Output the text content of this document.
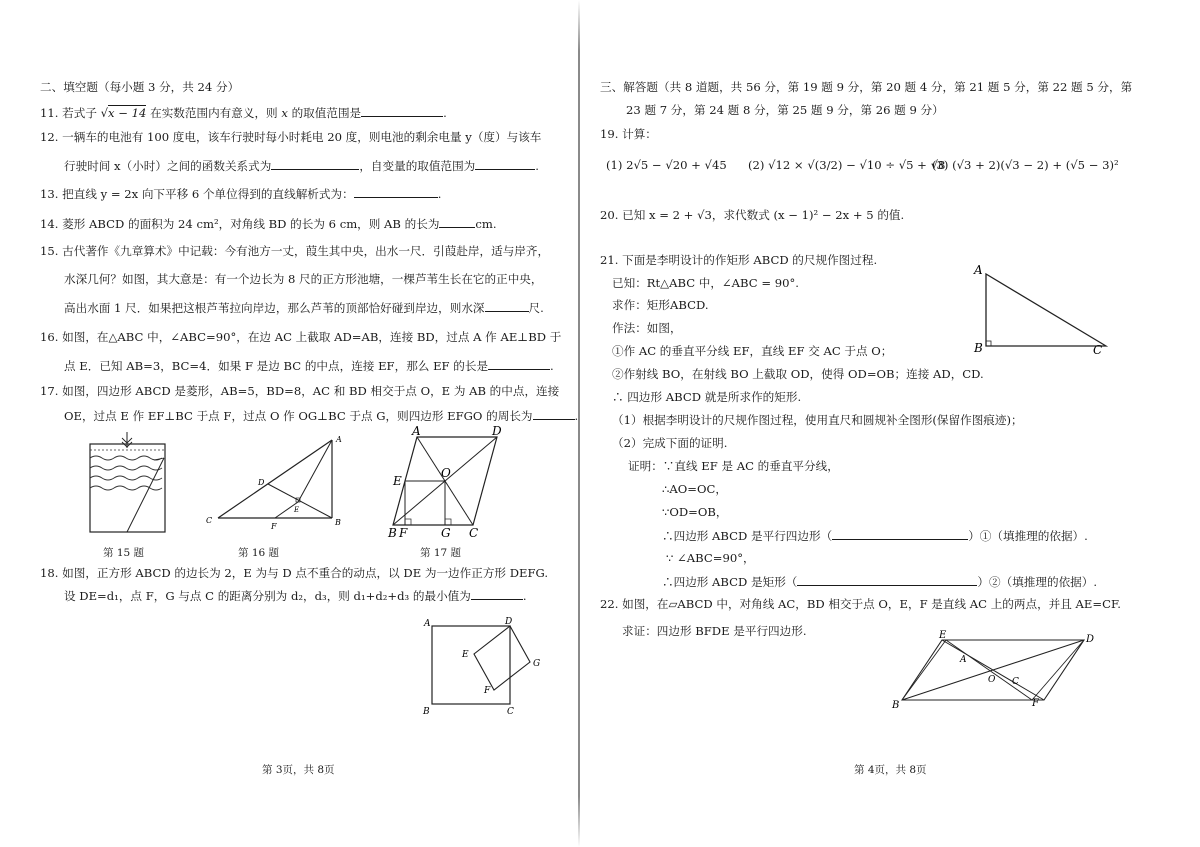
二、填空题（每小题 3 分，共 24 分）
11. 若式子 √x − 14 在实数范围内有意义，则 x 的取值范围是	.
12. 一辆车的电池有 100 度电，该车行驶时每小时耗电 20 度，则电池的剩余电量 y（度）与该车
行驶时间 x（小时）之间的函数关系式为	，自变量的取值范围为	.
13. 把直线 y = 2x 向下平移 6 个单位得到的直线解析式为：	.
14. 菱形 ABCD 的面积为 24 cm²，对角线 BD 的长为 6 cm，则 AB 的长为	cm.
15. 古代著作《九章算术》中记载：今有池方一丈，葭生其中央，出水一尺．引葭赴岸，适与岸齐，
水深几何？如图，其大意是：有一个边长为 8 尺的正方形池塘，一棵芦苇生长在它的正中央，
高出水面 1 尺．如果把这根芦苇拉向岸边，那么芦苇的顶部恰好碰到岸边，则水深	尺.
16. 如图，在△ABC 中，∠ABC=90°，在边 AC 上截取 AD=AB，连接 BD，过点 A 作 AE⊥BD 于
点 E．已知 AB=3，BC=4．如果 F 是边 BC 的中点，连接 EF，那么 EF 的长是	.
17. 如图，四边形 ABCD 是菱形，AB=5，BD=8，AC 和 BD 相交于点 O，E 为 AB 的中点，连接
OE，过点 E 作 EF⊥BC 于点 F，过点 O 作 OG⊥BC 于点 G，则四边形 EFGO 的周长为	.
第 15 题
A
B
C
D
E
F
第 16 题
A	D
B F	G C
E
O
第 17 题
18. 如图，正方形 ABCD 的边长为 2，E 为与 D 点不重合的动点，以 DE 为一边作正方形 DEFG.
设 DE=d₁，点 F，G 与点 C 的距离分别为 d₂，d₃，则 d₁+d₂+d₃ 的最小值为	.
A	D
B	C
E
F
G
第 3页，共 8页
三、解答题（共 8 道题，共 56 分，第 19 题 9 分，第 20 题 4 分，第 21 题 5 分，第 22 题 5 分，第
23 题 7 分，第 24 题 8 分，第 25 题 9 分，第 26 题 9 分）
19. 计算：
(1) 2√5 − √20 + √45 (2) √12 × √(3/2) − √10 ÷ √5 + √8
(3) (√3 + 2)(√3 − 2) + (√5 − 3)²
20. 已知 x = 2 + √3，求代数式 (x − 1)² − 2x + 5 的值.
21. 下面是李明设计的作矩形 ABCD 的尺规作图过程.
已知：Rt△ABC 中，∠ABC = 90°.
求作：矩形ABCD.
作法：如图，
①作 AC 的垂直平分线 EF，直线 EF 交 AC 于点 O；
②作射线 BO，在射线 BO 上截取 OD，使得 OD=OB；连接 AD，CD.
∴ 四边形 ABCD 就是所求作的矩形.
（1）根据李明设计的尺规作图过程，使用直尺和圆规补全图形(保留作图痕迹)；
（2）完成下面的证明.
证明：∵直线 EF 是 AC 的垂直平分线，
∴AO=OC，
∵OD=OB，
∴四边形 ABCD 是平行四边形（	）①（填推理的依据）.
∵ ∠ABC=90°，
∴四边形 ABCD 是矩形（	）②（填推理的依据）.
A
B	C
22. 如图，在▱ABCD 中，对角线 AC，BD 相交于点 O，E，F 是直线 AC 上的两点，并且 AE=CF.
求证：四边形 BFDE 是平行四边形.	E	D
B	F
A
O C
第 4页，共 8页
